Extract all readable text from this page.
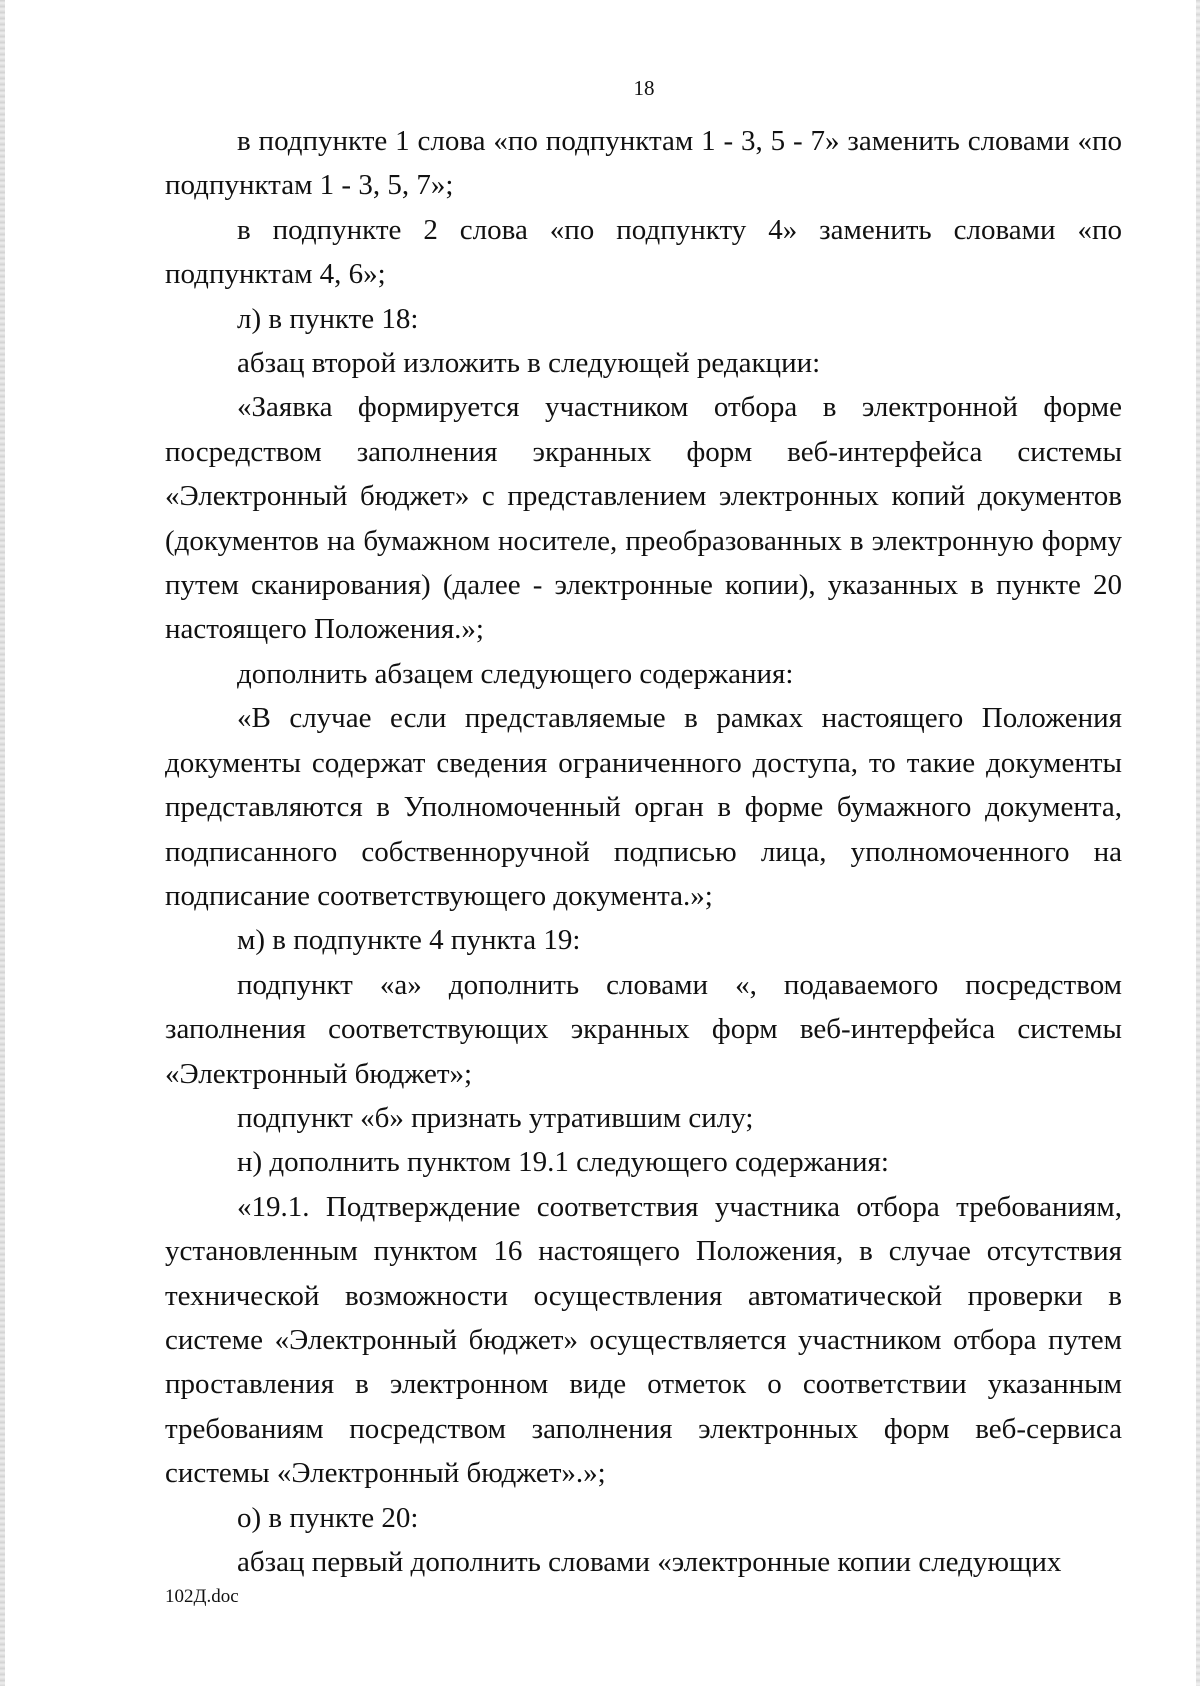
18

в подпункте 1 слова «по подпунктам 1 - 3, 5 - 7» заменить словами «по подпунктам 1 - 3, 5, 7»;

в подпункте 2 слова «по подпункту 4» заменить словами «по подпунктам 4, 6»;

л) в пункте 18:

абзац второй изложить в следующей редакции:

«Заявка формируется участником отбора в электронной форме посредством заполнения экранных форм веб-интерфейса системы «Электронный бюджет» с представлением электронных копий документов (документов на бумажном носителе, преобразованных в электронную форму путем сканирования) (далее - электронные копии), указанных в пункте 20 настоящего Положения.»;

дополнить абзацем следующего содержания:

«В случае если представляемые в рамках настоящего Положения документы содержат сведения ограниченного доступа, то такие документы представляются в Уполномоченный орган в форме бумажного документа, подписанного собственноручной подписью лица, уполномоченного на подписание соответствующего документа.»;

м) в подпункте 4 пункта 19:

подпункт «а» дополнить словами «, подаваемого посредством заполнения соответствующих экранных форм веб-интерфейса системы «Электронный бюджет»;

подпункт «б» признать утратившим силу;

н) дополнить пунктом 19.1 следующего содержания:

«19.1. Подтверждение соответствия участника отбора требованиям, установленным пунктом 16 настоящего Положения, в случае отсутствия технической возможности осуществления автоматической проверки в системе «Электронный бюджет» осуществляется участником отбора путем проставления в электронном виде отметок о соответствии указанным требованиям посредством заполнения электронных форм веб-сервиса системы «Электронный бюджет».»;

о) в пункте 20:

абзац первый дополнить словами «электронные копии следующих

102Д.doc
